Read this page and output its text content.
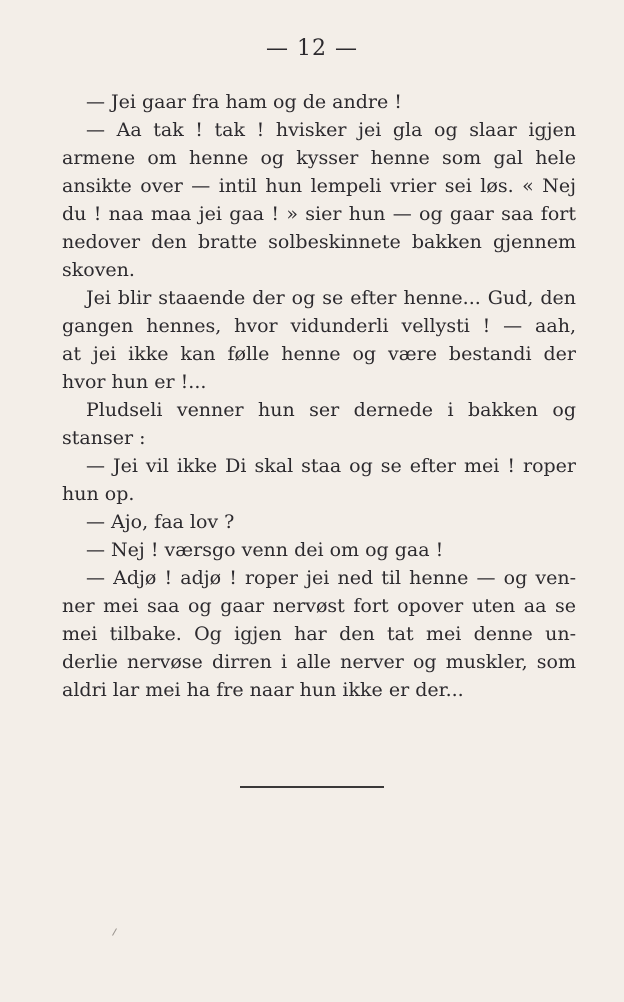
— 12 —
— Jei gaar fra ham og de andre !
— Aa tak ! tak ! hvisker jei gla og slaar igjen
armene om henne og kysser henne som gal hele
ansikte over — intil hun lempeli vrier sei løs. « Nej
du ! naa maa jei gaa ! » sier hun — og gaar saa fort
nedover den bratte solbeskinnete bakken gjennem
skoven.
Jei blir staaende der og se efter henne... Gud, den
gangen hennes, hvor vidunderli vellysti ! — aah,
at jei ikke kan følle henne og være bestandi der
hvor hun er !...
Pludseli venner hun ser dernede i bakken og
stanser :
— Jei vil ikke Di skal staa og se efter mei ! roper
hun op.
— Ajo, faa lov ?
— Nej ! værsgo venn dei om og gaa !
— Adjø ! adjø ! roper jei ned til henne — og ven-
ner mei saa og gaar nervøst fort opover uten aa se
mei tilbake. Og igjen har den tat mei denne un-
derlie nervøse dirren i alle nerver og muskler, som
aldri lar mei ha fre naar hun ikke er der...
